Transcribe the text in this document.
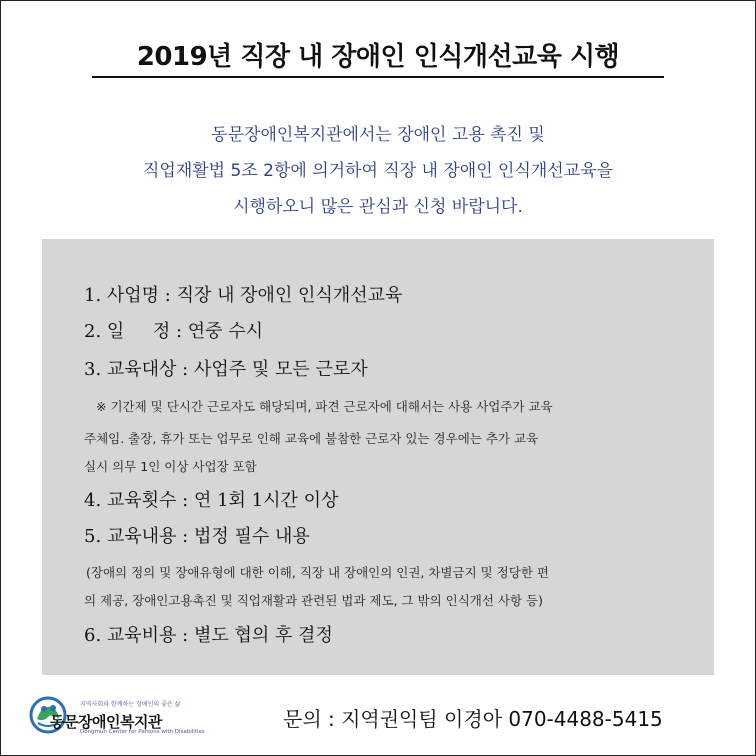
2019년 직장 내 장애인 인식개선교육 시행
동문장애인복지관에서는 장애인 고용 촉진 및
직업재활법 5조 2항에 의거하여 직장 내 장애인 인식개선교육을
시행하오니 많은 관심과 신청 바랍니다.
1. 사업명 : 직장 내 장애인 인식개선교육
2. 일     정 : 연중 수시
3. 교육대상 : 사업주 및 모든 근로자
※ 기간제 및 단시간 근로자도 해당되며, 파견 근로자에 대해서는 사용 사업주가 교육
주체임. 출장, 휴가 또는 업무로 인해 교육에 불참한 근로자 있는 경우에는 추가 교육
실시 의무 1인 이상 사업장 포함
4. 교육횟수 : 연 1회 1시간 이상
5. 교육내용 : 법정 필수 내용
(장애의 정의 및 장애유형에 대한 이해, 직장 내 장애인의 인권, 차별금지 및 정당한 편
의 제공, 장애인고용촉진 및 직업재활과 관련된 법과 제도, 그 밖의 인식개선 사항 등)
6. 교육비용 : 별도 협의 후 결정
지역사회와 함께하는 장애인의 좋은 삶
동문장애인복지관
Dongmun Center for Persons with Disabilities
문의 : 지역권익팀 이경아 070-4488-5415
